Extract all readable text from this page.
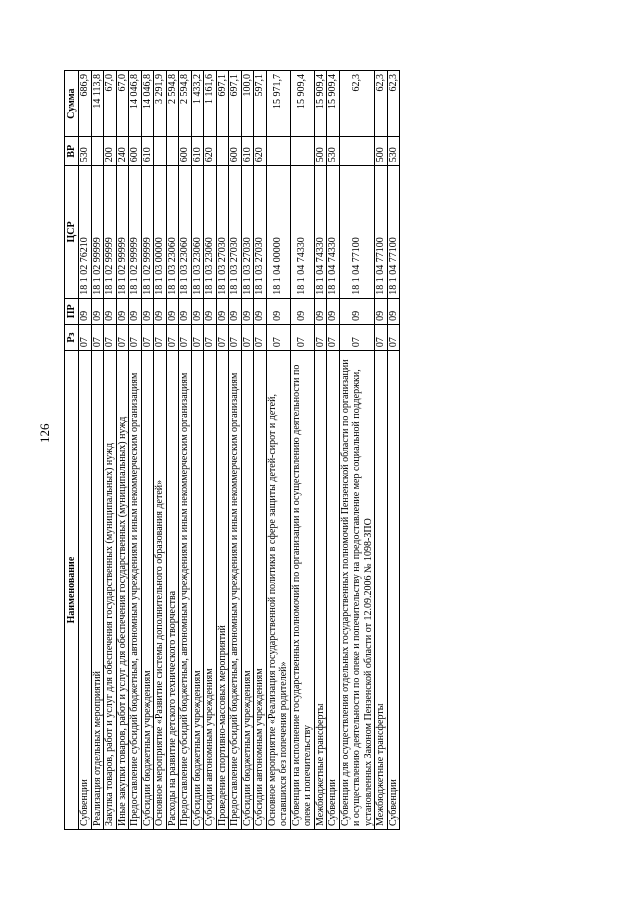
126
Наименование	Рз	ПР	ЦСР	ВР	Сумма
Субвенции	07	09	18 1 02 76210	530	686,9
Реализация отдельных мероприятий	07	09	18 1 02 99999		14 113,8
Закупка товаров, работ и услуг для обеспечения государственных (муниципальных) нужд	07	09	18 1 02 99999	200	67,0
Иные закупки товаров, работ и услуг для обеспечения государственных (муниципальных) нужд	07	09	18 1 02 99999	240	67,0
Предоставление субсидий бюджетным, автономным учреждениям и иным некоммерческим организациям	07	09	18 1 02 99999	600	14 046,8
Субсидии бюджетным учреждениям	07	09	18 1 02 99999	610	14 046,8
Основное мероприятие «Развитие системы дополнительного образования детей»	07	09	18 1 03 00000		3 291,9
Расходы на развитие детского технического творчества	07	09	18 1 03 23060		2 594,8
Предоставление субсидий бюджетным, автономным учреждениям и иным некоммерческим организациям	07	09	18 1 03 23060	600	2 594,8
Субсидии бюджетным учреждениям	07	09	18 1 03 23060	610	1 433,2
Субсидии автономным учреждениям	07	09	18 1 03 23060	620	1 161,6
Проведение спортивно-массовых мероприятий	07	09	18 1 03 27030		697,1
Предоставление субсидий бюджетным, автономным учреждениям и иным некоммерческим организациям	07	09	18 1 03 27030	600	697,1
Субсидии бюджетным учреждениям	07	09	18 1 03 27030	610	100,0
Субсидии автономным учреждениям	07	09	18 1 03 27030	620	597,1
Основное мероприятие «Реализация государственной политики в сфере защиты детей-сирот и детей, оставшихся без попечения родителей»	07	09	18 1 04 00000		15 971,7
Субвенции на исполнение государственных полномочий по организации и осуществлению деятельности по опеке и попечительству	07	09	18 1 04 74330		15 909,4
Межбюджетные трансферты	07	09	18 1 04 74330	500	15 909,4
Субвенции	07	09	18 1 04 74330	530	15 909,4
Субвенции для осуществления отдельных государственных полномочий Пензенской области по организации и осуществлению деятельности по опеке и попечительству на предоставление мер социальной поддержки, установленных Законом Пензенской области от 12.09.2006 № 1098-ЗПО	07	09	18 1 04 77100		62,3
Межбюджетные трансферты	07	09	18 1 04 77100	500	62,3
Субвенции	07	09	18 1 04 77100	530	62,3
